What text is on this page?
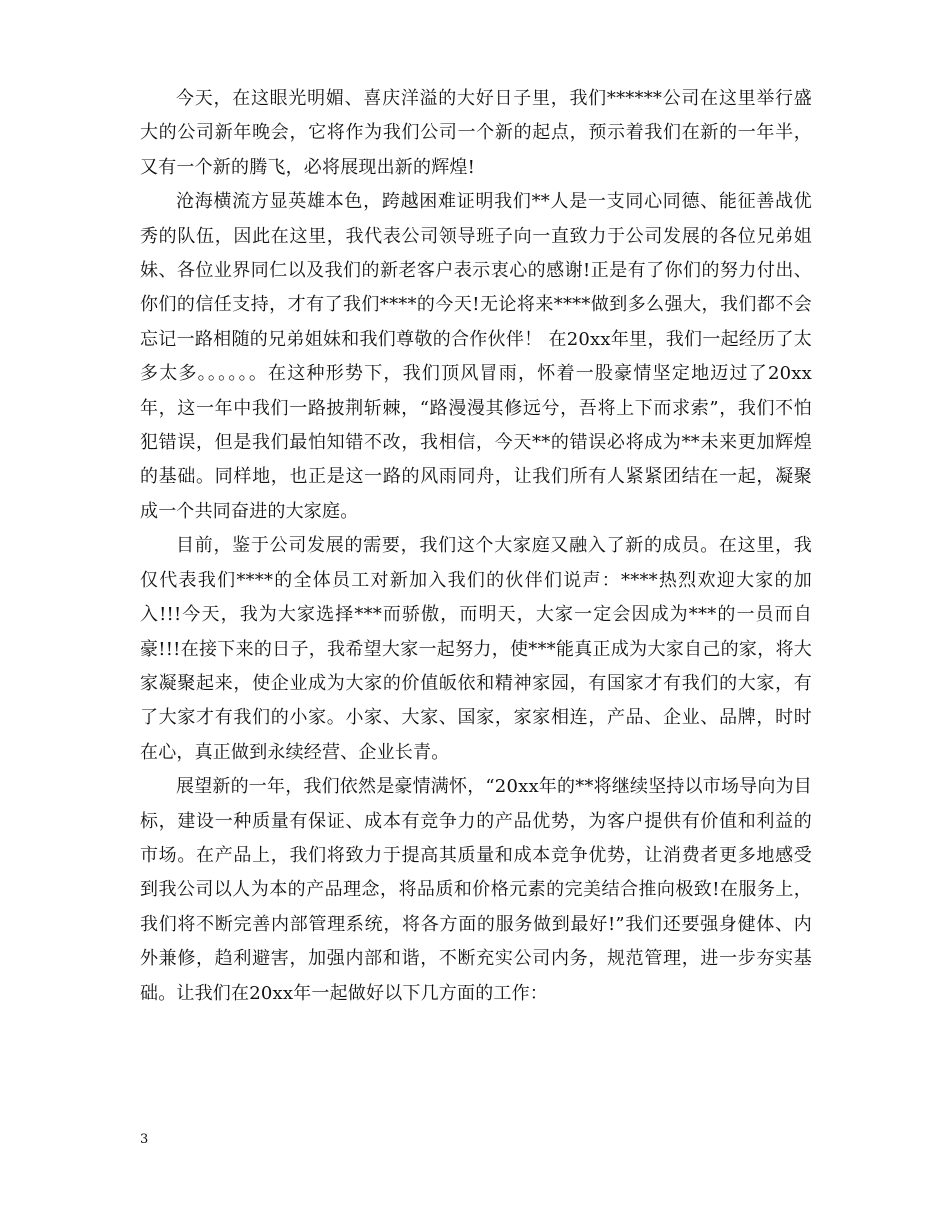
今天，在这眼光明媚、喜庆洋溢的大好日子里，我们******公司在这里举行盛大的公司新年晚会，它将作为我们公司一个新的起点，预示着我们在新的一年半，又有一个新的腾飞，必将展现出新的辉煌!

沧海横流方显英雄本色，跨越困难证明我们**人是一支同心同德、能征善战优秀的队伍，因此在这里，我代表公司领导班子向一直致力于公司发展的各位兄弟姐妹、各位业界同仁以及我们的新老客户表示衷心的感谢!正是有了你们的努力付出、你们的信任支持，才有了我们****的今天!无论将来****做到多么强大，我们都不会忘记一路相随的兄弟姐妹和我们尊敬的合作伙伴！ 在20xx年里，我们一起经历了太多太多。。。。。。在这种形势下，我们顶风冒雨，怀着一股豪情坚定地迈过了20xx年，这一年中我们一路披荆斩棘，“路漫漫其修远兮，吾将上下而求索”，我们不怕犯错误，但是我们最怕知错不改，我相信，今天**的错误必将成为**未来更加辉煌的基础。同样地，也正是这一路的风雨同舟，让我们所有人紧紧团结在一起，凝聚成一个共同奋进的大家庭。

目前，鉴于公司发展的需要，我们这个大家庭又融入了新的成员。在这里，我仅代表我们****的全体员工对新加入我们的伙伴们说声：****热烈欢迎大家的加入!!!今天，我为大家选择***而骄傲，而明天，大家一定会因成为***的一员而自豪!!!在接下来的日子，我希望大家一起努力，使***能真正成为大家自己的家，将大家凝聚起来，使企业成为大家的价值皈依和精神家园，有国家才有我们的大家，有了大家才有我们的小家。小家、大家、国家，家家相连，产品、企业、品牌，时时在心，真正做到永续经营、企业长青。

展望新的一年，我们依然是豪情满怀，“20xx年的**将继续坚持以市场导向为目标，建设一种质量有保证、成本有竞争力的产品优势，为客户提供有价值和利益的市场。在产品上，我们将致力于提高其质量和成本竞争优势，让消费者更多地感受到我公司以人为本的产品理念，将品质和价格元素的完美结合推向极致!在服务上，我们将不断完善内部管理系统，将各方面的服务做到最好!”我们还要强身健体、内外兼修，趋利避害，加强内部和谐，不断充实公司内务，规范管理，进一步夯实基础。让我们在20xx年一起做好以下几方面的工作：

3
